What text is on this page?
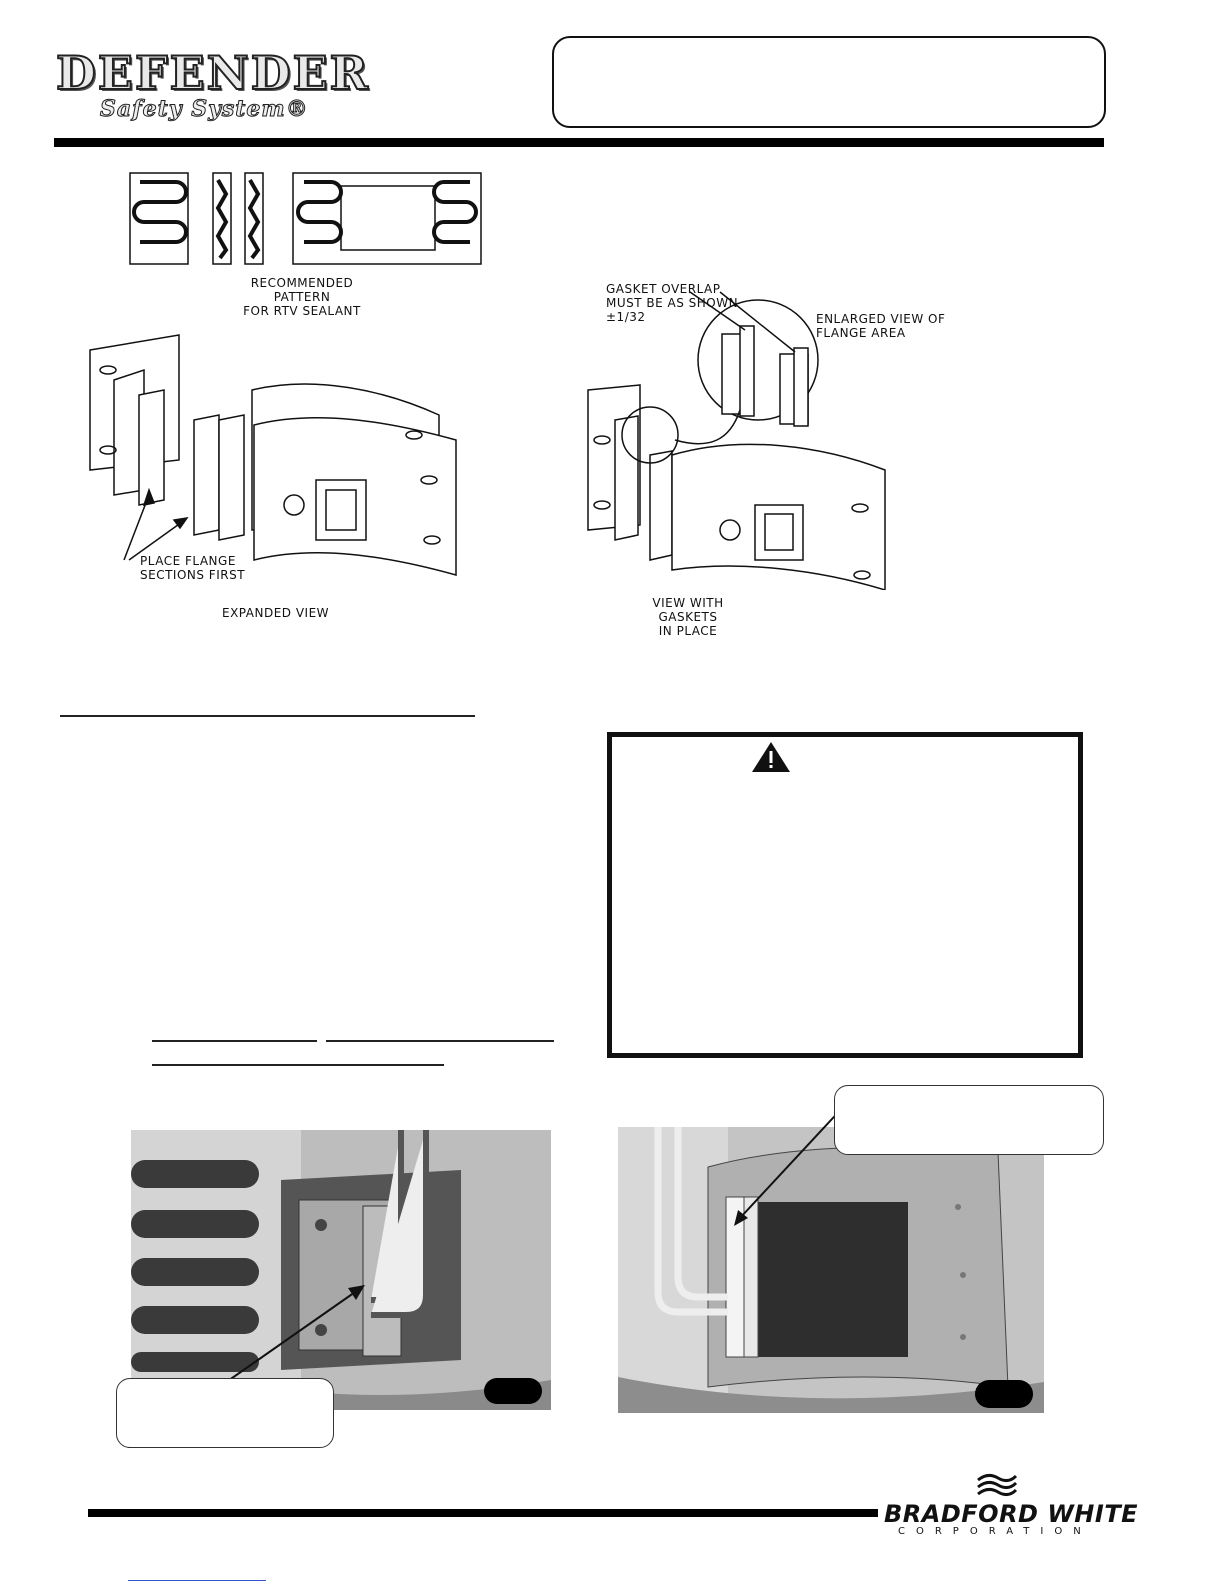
DEFENDER
Safety System®
RECOMMENDED PATTERN
FOR RTV SEALANT
PLACE FLANGE
SECTIONS FIRST
EXPANDED VIEW
GASKET OVERLAP
MUST BE AS SHOWN
±1/32	ENLARGED VIEW OF
FLANGE AREA
VIEW WITH GASKETS
IN PLACE
BRADFORD WHITE
CORPORATION
